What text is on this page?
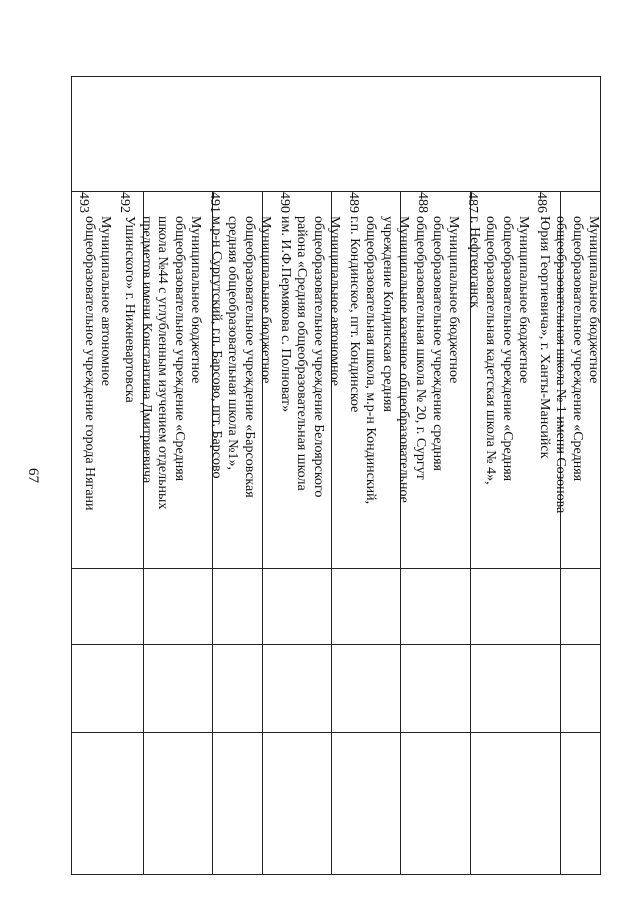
67
Муниципальное бюджетное
общеобразовательное учреждение «Средняя
общеобразовательная школа № 1 имени Созонова
Юрия Георгиевича», г. Ханты-Мансийск
486
Муниципальное бюджетное
общеобразовательное учреждение «Средняя
общеобразовательная кадетская школа № 4»,
г. Нефтеюганск
487
Муниципальное бюджетное
общеобразовательное учреждение средняя
общеобразовательная школа № 20, г. Сургут
488
Муниципальное казенное общеобразовательное
учреждение Кондинская средняя
общеобразовательная школа, м.р-н Кондинский,
г.п. Кондинское, пгт. Кондинское
489
Муниципальное автономное
общеобразовательное учреждение Белоярского
района «Средняя общеобразовательная школа
им. И.Ф.Пермякова с. Полноват»
490
Муниципальное бюджетное
общеобразовательное учреждение «Барсовская
средняя общеобразовательная школа №1»,
м.р-н Сургутский, г.п. Барсово, пгт. Барсово
491
Муниципальное бюджетное
общеобразовательное учреждение «Средняя
школа №44 с углубленным изучением отдельных
предметов имени Константина Дмитриевича
Ушинского» г. Нижневартовска
492
Муниципальное автономное
общеобразовательное учреждение города Нягани
493
